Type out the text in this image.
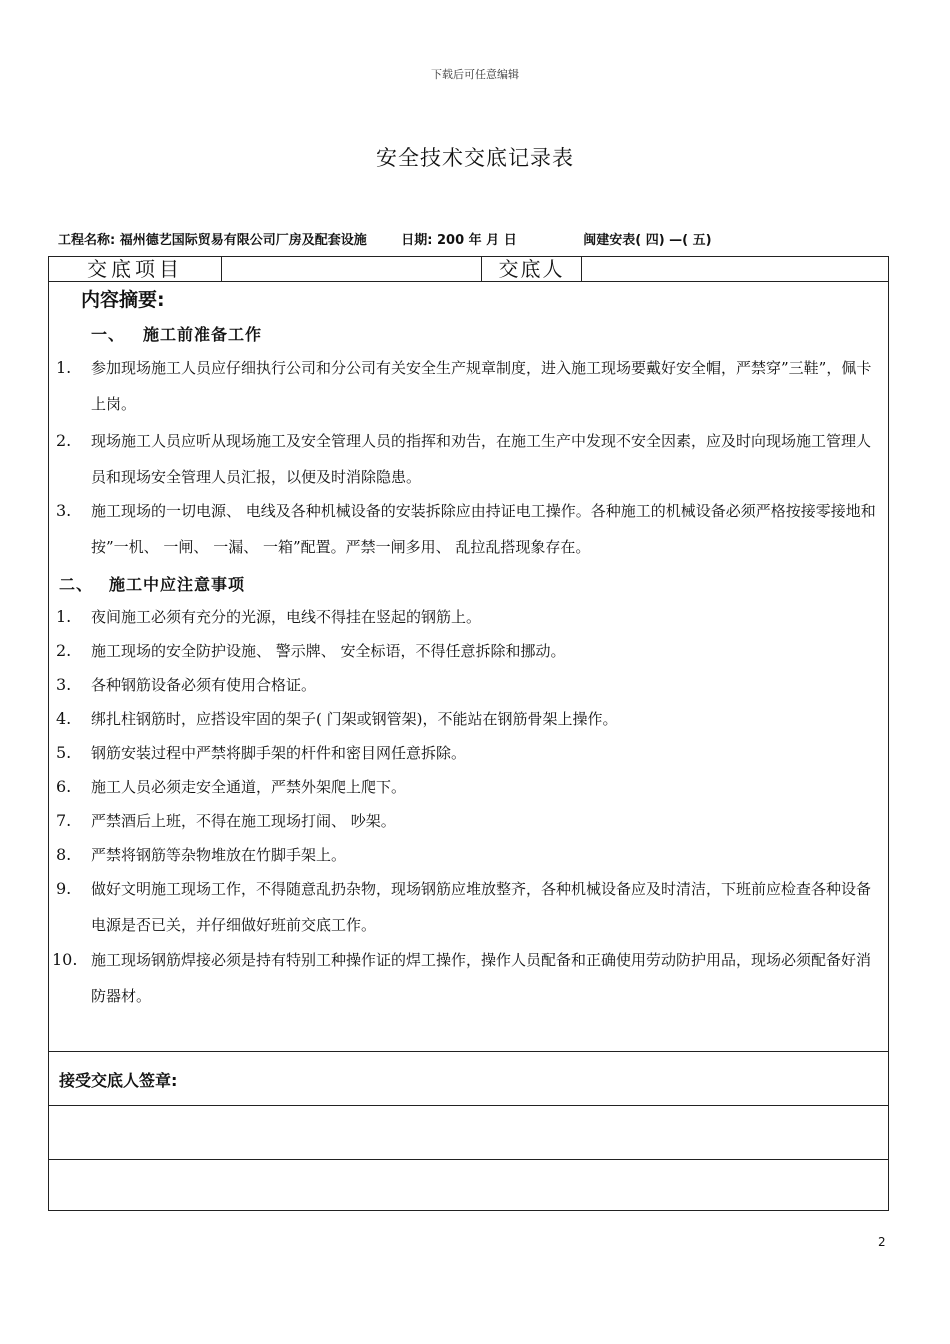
下载后可任意编辑
安全技术交底记录表
工程名称: 福州德艺国际贸易有限公司厂房及配套设施	日期: 200 年 月 日	闽建安表( 四) —( 五)
交底项目	交底人
内容摘要:
一、 施工前准备工作
1. 参加现场施工人员应仔细执行公司和分公司有关安全生产规章制度，进入施工现场要戴好安全帽，严禁穿”三鞋”，佩卡上岗。
2. 现场施工人员应听从现场施工及安全管理人员的指挥和劝告，在施工生产中发现不安全因素，应及时向现场施工管理人员和现场安全管理人员汇报，以便及时消除隐患。
3. 施工现场的一切电源、 电线及各种机械设备的安装拆除应由持证电工操作。各种施工的机械设备必须严格按接零接地和按”一机、 一闸、 一漏、 一箱”配置。严禁一闸多用、 乱拉乱搭现象存在。
二、 施工中应注意事项
1. 夜间施工必须有充分的光源，电线不得挂在竖起的钢筋上。
2. 施工现场的安全防护设施、 警示牌、 安全标语，不得任意拆除和挪动。
3. 各种钢筋设备必须有使用合格证。
4. 绑扎柱钢筋时，应搭设牢固的架子( 门架或钢管架)，不能站在钢筋骨架上操作。
5. 钢筋安装过程中严禁将脚手架的杆件和密目网任意拆除。
6. 施工人员必须走安全通道，严禁外架爬上爬下。
7. 严禁酒后上班，不得在施工现场打闹、 吵架。
8. 严禁将钢筋等杂物堆放在竹脚手架上。
9. 做好文明施工现场工作，不得随意乱扔杂物，现场钢筋应堆放整齐，各种机械设备应及时清洁，下班前应检查各种设备电源是否已关，并仔细做好班前交底工作。
10. 施工现场钢筋焊接必须是持有特别工种操作证的焊工操作，操作人员配备和正确使用劳动防护用品，现场必须配备好消防器材。
接受交底人签章:
2
